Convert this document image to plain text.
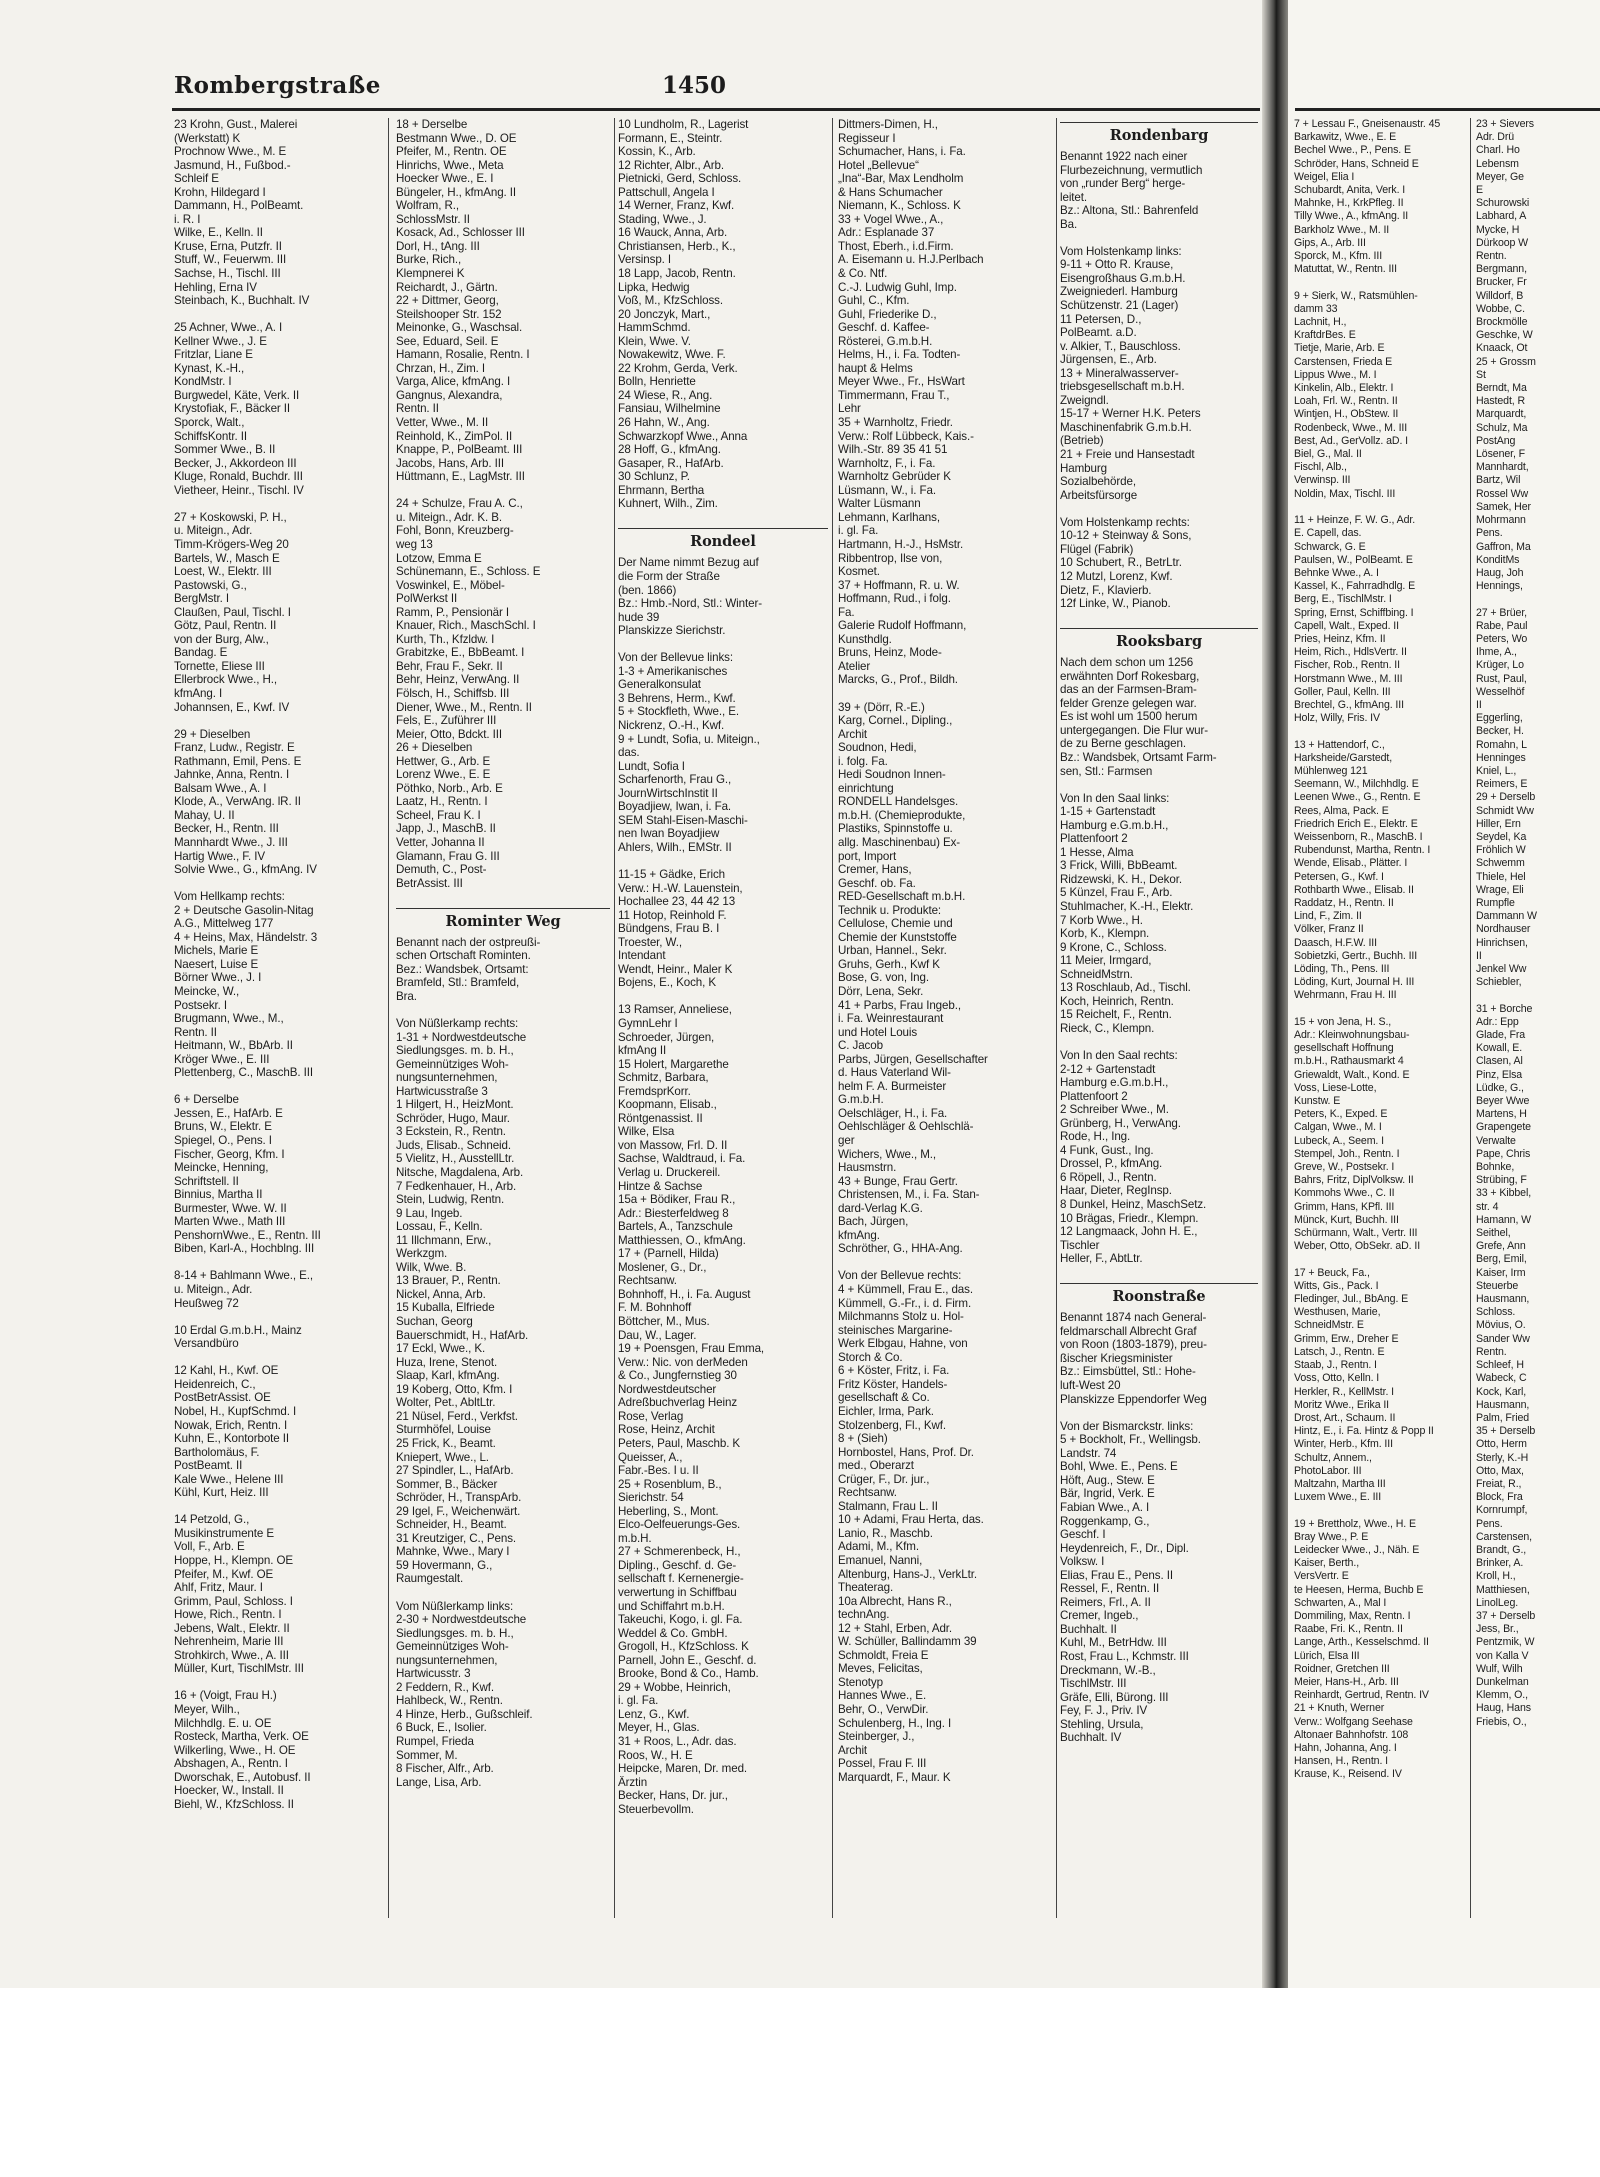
Rombergstraße	1450
23 Krohn, Gust., Malerei
(Werkstatt) K
Prochnow Wwe., M. E
Jasmund, H., Fußbod.-
Schleif E
Krohn, Hildegard I
Dammann, H., PolBeamt.
i. R. I
Wilke, E., Kelln. II
Kruse, Erna, Putzfr. II
Stuff, W., Feuerwm. III
Sachse, H., Tischl. III
Hehling, Erna IV
Steinbach, K., Buchhalt. IV

25 Achner, Wwe., A. I
Kellner Wwe., J. E
Fritzlar, Liane E
Kynast, K.-H.,
KondMstr. I
Burgwedel, Käte, Verk. II
Krystofiak, F., Bäcker II
Sporck, Walt.,
SchiffsKontr. II
Sommer Wwe., B. II
Becker, J., Akkordeon III
Kluge, Ronald, Buchdr. III
Vietheer, Heinr., Tischl. IV

27 + Koskowski, P. H.,
u. Miteign., Adr.
Timm-Krögers-Weg 20
Bartels, W., Masch E
Loest, W., Elektr. III
Pastowski, G.,
BergMstr. I
Claußen, Paul, Tischl. I
Götz, Paul, Rentn. II
von der Burg, Alw.,
Bandag. E
Tornette, Eliese III
Ellerbrock Wwe., H.,
kfmAng. I
Johannsen, E., Kwf. IV

29 + Dieselben
Franz, Ludw., Registr. E
Rathmann, Emil, Pens. E
Jahnke, Anna, Rentn. I
Balsam Wwe., A. I
Klode, A., VerwAng. lR. II
Mahay, U. II
Becker, H., Rentn. III
Mannhardt Wwe., J. III
Hartig Wwe., F. IV
Solvie Wwe., G., kfmAng. IV

Vom Hellkamp rechts:
2 + Deutsche Gasolin-Nitag
A.G., Mittelweg 177
4 + Heins, Max, Händelstr. 3
Michels, Marie E
Naesert, Luise E
Börner Wwe., J. I
Meincke, W.,
Postsekr. I
Brugmann, Wwe., M.,
Rentn. II
Heitmann, W., BbArb. II
Kröger Wwe., E. III
Plettenberg, C., MaschB. III

6 + Derselbe
Jessen, E., HafArb. E
Bruns, W., Elektr. E
Spiegel, O., Pens. I
Fischer, Georg, Kfm. I
Meincke, Henning,
Schriftstell. II
Binnius, Martha II
Burmester, Wwe. W. II
Marten Wwe., Math III
PenshornWwe., E., Rentn. III
Biben, Karl-A., Hochblng. III

8-14 + Bahlmann Wwe., E.,
u. Miteign., Adr.
Heußweg 72

10 Erdal G.m.b.H., Mainz
Versandbüro

12 Kahl, H., Kwf. OE
Heidenreich, C.,
PostBetrAssist. OE
Nobel, H., KupfSchmd. I
Nowak, Erich, Rentn. I
Kuhn, E., Kontorbote II
Bartholomäus, F.
PostBeamt. II
Kale Wwe., Helene III
Kühl, Kurt, Heiz. III

14 Petzold, G.,
Musikinstrumente E
Voll, F., Arb. E
Hoppe, H., Klempn. OE
Pfeifer, M., Kwf. OE
Ahlf, Fritz, Maur. I
Grimm, Paul, Schloss. I
Howe, Rich., Rentn. I
Jebens, Walt., Elektr. II
Nehrenheim, Marie III
Strohkirch, Wwe., A. III
Müller, Kurt, TischlMstr. III

16 + (Voigt, Frau H.)
Meyer, Wilh.,
Milchhdlg. E. u. OE
Rosteck, Martha, Verk. OE
Wilkerling, Wwe., H. OE
Abshagen, A., Rentn. I
Dworschak, E., Autobusf. II
Hoecker, W., Install. II
Biehl, W., KfzSchloss. II
18 + Derselbe
Bestmann Wwe., D. OE
Pfeifer, M., Rentn. OE
Hinrichs, Wwe., Meta
Hoecker Wwe., E. I
Büngeler, H., kfmAng. II
Wolfram, R.,
SchlossMstr. II
Kosack, Ad., Schlosser III
Dorl, H., tAng. III
Burke, Rich.,
Klempnerei K
Reichardt, J., Gärtn.
22 + Dittmer, Georg,
Steilshooper Str. 152
Meinonke, G., Waschsal.
See, Eduard, Seil. E
Hamann, Rosalie, Rentn. I
Chrzan, H., Zim. I
Varga, Alice, kfmAng. I
Gangnus, Alexandra,
Rentn. II
Vetter, Wwe., M. II
Reinhold, K., ZimPol. II
Knappe, P., PolBeamt. III
Jacobs, Hans, Arb. III
Hüttmann, E., LagMstr. III

24 + Schulze, Frau A. C.,
u. Miteign., Adr. K. B.
Fohl, Bonn, Kreuzberg-
weg 13
Lotzow, Emma E
Schünemann, E., Schloss. E
Voswinkel, E., Möbel-
PolWerkst II
Ramm, P., Pensionär I
Knauer, Rich., MaschSchl. I
Kurth, Th., Kfzldw. I
Grabitzke, E., BbBeamt. I
Behr, Frau F., Sekr. II
Behr, Heinz, VerwAng. II
Fölsch, H., Schiffsb. III
Diener, Wwe., M., Rentn. II
Fels, E., Zuführer III
Meier, Otto, Bdckt. III
26 + Dieselben
Hettwer, G., Arb. E
Lorenz Wwe., E. E
Pöthko, Norb., Arb. E
Laatz, H., Rentn. I
Scheel, Frau K. I
Japp, J., MaschB. II
Vetter, Johanna II
Glamann, Frau G. III
Demuth, C., Post-
BetrAssist. III

Rominter Weg
Benannt nach der ostpreußi-
schen Ortschaft Rominten.
Bez.: Wandsbek, Ortsamt:
Bramfeld, Stl.: Bramfeld,
Bra.

Von Nüßlerkamp rechts:
1-31 + Nordwestdeutsche
Siedlungsges. m. b. H.,
Gemeinnütziges Woh-
nungsunternehmen,
Hartwicusstraße 3
1 Hilgert, H., HeizMont.
Schröder, Hugo, Maur.
3 Eckstein, R., Rentn.
Juds, Elisab., Schneid.
5 Vielitz, H., AusstellLtr.
Nitsche, Magdalena, Arb.
7 Fedkenhauer, H., Arb.
Stein, Ludwig, Rentn.
9 Lau, Ingeb.
Lossau, F., Kelln.
11 Illchmann, Erw.,
Werkzgm.
Wilk, Wwe. B.
13 Brauer, P., Rentn.
Nickel, Anna, Arb.
15 Kuballa, Elfriede
Suchan, Georg
Bauerschmidt, H., HafArb.
17 Eckl, Wwe., K.
Huza, Irene, Stenot.
Slaap, Karl, kfmAng.
19 Koberg, Otto, Kfm. I
Wolter, Pet., AbltLtr.
21 Nüsel, Ferd., Verkfst.
Sturmhöfel, Louise
25 Frick, K., Beamt.
Kniepert, Wwe., L.
27 Spindler, L., HafArb.
Sommer, B., Bäcker
Schröder, H., TranspArb.
29 Igel, F., Weichenwärt.
Schneider, H., Beamt.
31 Kreutziger, C., Pens.
Mahnke, Wwe., Mary I
59 Hovermann, G.,
Raumgestalt.

Vom Nüßlerkamp links:
2-30 + Nordwestdeutsche
Siedlungsges. m. b. H.,
Gemeinnütziges Woh-
nungsunternehmen,
Hartwicusstr. 3
2 Feddern, R., Kwf.
Hahlbeck, W., Rentn.
4 Hinze, Herb., Gußschleif.
6 Buck, E., Isolier.
Rumpel, Frieda
Sommer, M.
8 Fischer, Alfr., Arb.
Lange, Lisa, Arb.
10 Lundholm, R., Lagerist
Formann, E., Steintr.
Kossin, K., Arb.
12 Richter, Albr., Arb.
Pietnicki, Gerd, Schloss.
Pattschull, Angela I
14 Werner, Franz, Kwf.
Stading, Wwe., J.
16 Wauck, Anna, Arb.
Christiansen, Herb., K.,
Versinsp. I
18 Lapp, Jacob, Rentn.
Lipka, Hedwig
Voß, M., KfzSchloss.
20 Jonczyk, Mart.,
HammSchmd.
Klein, Wwe. V.
Nowakewitz, Wwe. F.
22 Krohm, Gerda, Verk.
Bolln, Henriette
24 Wiese, R., Ang.
Fansiau, Wilhelmine
26 Hahn, W., Ang.
Schwarzkopf Wwe., Anna
28 Hoff, G., kfmAng.
Gasaper, R., HafArb.
30 Schlunz, P.
Ehrmann, Bertha
Kuhnert, Wilh., Zim.

Rondeel
Der Name nimmt Bezug auf
die Form der Straße
(ben. 1866)
Bz.: Hmb.-Nord, Stl.: Winter-
hude 39
Planskizze Sierichstr.

Von der Bellevue links:
1-3 + Amerikanisches
Generalkonsulat
3 Behrens, Herm., Kwf.
5 + Stockfleth, Wwe., E.
Nickrenz, O.-H., Kwf.
9 + Lundt, Sofia, u. Miteign.,
das.
Lundt, Sofia I
Scharfenorth, Frau G.,
JournWirtschInstit II
Boyadjiew, Iwan, i. Fa.
SEM Stahl-Eisen-Maschi-
nen Iwan Boyadjiew
Ahlers, Wilh., EMStr. II

11-15 + Gädke, Erich
Verw.: H.-W. Lauenstein,
Hochallee 23, 44 42 13
11 Hotop, Reinhold F.
Bündgens, Frau B. I
Troester, W.,
Intendant
Wendt, Heinr., Maler K
Bojens, E., Koch, K

13 Ramser, Anneliese,
GymnLehr I
Schroeder, Jürgen,
kfmAng II
15 Holert, Margarethe
Schmitz, Barbara,
FremdsprKorr.
Koopmann, Elisab.,
Röntgenassist. II
Wilke, Elsa
von Massow, Frl. D. II
Sachse, Waldtraud, i. Fa.
Verlag u. Druckereil.
Hintze & Sachse
15a + Bödiker, Frau R.,
Adr.: Biesterfeldweg 8
Bartels, A., Tanzschule
Matthiessen, O., kfmAng.
17 + (Parnell, Hilda)
Moslener, G., Dr.,
Rechtsanw.
Bohnhoff, H., i. Fa. August
F. M. Bohnhoff
Böttcher, M., Mus.
Dau, W., Lager.
19 + Poensgen, Frau Emma,
Verw.: Nic. von derMeden
& Co., Jungfernstieg 30
Nordwestdeutscher
Adreßbuchverlag Heinz
Rose, Verlag
Rose, Heinz, Archit
Peters, Paul, Maschb. K
Queisser, A.,
Fabr.-Bes. I u. II
25 + Rosenblum, B.,
Sierichstr. 54
Heberling, S., Mont.
Elco-Oelfeuerungs-Ges.
m.b.H.
27 + Schmerenbeck, H.,
Dipling., Geschf. d. Ge-
sellschaft f. Kernenergie-
verwertung in Schiffbau
und Schiffahrt m.b.H.
Takeuchi, Kogo, i. gl. Fa.
Weddel & Co. GmbH.
Grogoll, H., KfzSchloss. K
Parnell, John E., Geschf. d.
Brooke, Bond & Co., Hamb.
29 + Wobbe, Heinrich,
i. gl. Fa.
Lenz, G., Kwf.
Meyer, H., Glas.
31 + Roos, L., Adr. das.
Roos, W., H. E
Heipcke, Maren, Dr. med.
Ärztin
Becker, Hans, Dr. jur.,
Steuerbevollm.
Dittmers-Dimen, H.,
Regisseur I
Schumacher, Hans, i. Fa.
Hotel „Bellevue“
„Ina“-Bar, Max Lendholm
& Hans Schumacher
Niemann, K., Schloss. K
33 + Vogel Wwe., A.,
Adr.: Esplanade 37
Thost, Eberh., i.d.Firm.
A. Eisemann u. H.J.Perlbach
& Co. Ntf.
C.-J. Ludwig Guhl, Imp.
Guhl, C., Kfm.
Guhl, Friederike D.,
Geschf. d. Kaffee-
Rösterei, G.m.b.H.
Helms, H., i. Fa. Todten-
haupt & Helms
Meyer Wwe., Fr., HsWart
Timmermann, Frau T.,
Lehr
35 + Warnholtz, Friedr.
Verw.: Rolf Lübbeck, Kais.-
Wilh.-Str. 89 35 41 51
Warnholtz, F., i. Fa.
Warnholtz Gebrüder K
Lüsmann, W., i. Fa.
Walter Lüsmann
Lehmann, Karlhans,
i. gl. Fa.
Hartmann, H.-J., HsMstr.
Ribbentrop, Ilse von,
Kosmet.
37 + Hoffmann, R. u. W.
Hoffmann, Rud., i folg.
Fa.
Galerie Rudolf Hoffmann,
Kunsthdlg.
Bruns, Heinz, Mode-
Atelier
Marcks, G., Prof., Bildh.

39 + (Dörr, R.-E.)
Karg, Cornel., Dipling.,
Archit
Soudnon, Hedi,
i. folg. Fa.
Hedi Soudnon Innen-
einrichtung
RONDELL Handelsges.
m.b.H. (Chemieprodukte,
Plastiks, Spinnstoffe u.
allg. Maschinenbau) Ex-
port, Import
Cremer, Hans,
Geschf. ob. Fa.
RED-Gesellschaft m.b.H.
Technik u. Produkte:
Cellulose, Chemie und
Chemie der Kunststoffe
Urban, Hannel., Sekr.
Gruhs, Gerh., Kwf K
Bose, G. von, Ing.
Dörr, Lena, Sekr.
41 + Parbs, Frau Ingeb.,
i. Fa. Weinrestaurant
und Hotel Louis
C. Jacob
Parbs, Jürgen, Gesellschafter
d. Haus Vaterland Wil-
helm F. A. Burmeister
G.m.b.H.
Oelschläger, H., i. Fa.
Oehlschläger & Oehlschlä-
ger
Wichers, Wwe., M.,
Hausmstrn.
43 + Bunge, Frau Gertr.
Christensen, M., i. Fa. Stan-
dard-Verlag K.G.
Bach, Jürgen,
kfmAng.
Schröther, G., HHA-Ang.

Von der Bellevue rechts:
4 + Kümmell, Frau E., das.
Kümmell, G.-Fr., i. d. Firm.
Milchmanns Stolz u. Hol-
steinisches Margarine-
Werk Elbgau, Hahne, von
Storch & Co.
6 + Köster, Fritz, i. Fa.
Fritz Köster, Handels-
gesellschaft & Co.
Eichler, Irma, Park.
Stolzenberg, Fl., Kwf.
8 + (Sieh)
Hornbostel, Hans, Prof. Dr.
med., Oberarzt
Crüger, F., Dr. jur.,
Rechtsanw.
Stalmann, Frau L. II
10 + Adami, Frau Herta, das.
Lanio, R., Maschb.
Adami, M., Kfm.
Emanuel, Nanni,
Altenburg, Hans-J., VerkLtr.
Theaterag.
10a Albrecht, Hans R.,
technAng.
12 + Stahl, Erben, Adr.
W. Schüller, Ballindamm 39
Schmoldt, Freia E
Meves, Felicitas,
Stenotyp
Hannes Wwe., E.
Behr, O., VerwDir.
Schulenberg, H., Ing. I
Steinberger, J.,
Archit
Possel, Frau F. III
Marquardt, F., Maur. K
Rondenbarg
Benannt 1922 nach einer
Flurbezeichnung, vermutlich
von „runder Berg“ herge-
leitet.
Bz.: Altona, Stl.: Bahrenfeld
Ba.

Vom Holstenkamp links:
9-11 + Otto R. Krause,
Eisengroßhaus G.m.b.H.
Zweigniederl. Hamburg
Schützenstr. 21 (Lager)
11 Petersen, D.,
PolBeamt. a.D.
v. Alkier, T., Bauschloss.
Jürgensen, E., Arb.
13 + Mineralwasserver-
triebsgesellschaft m.b.H.
Zweigndl.
15-17 + Werner H.K. Peters
Maschinenfabrik G.m.b.H.
(Betrieb)
21 + Freie und Hansestadt
Hamburg
Sozialbehörde,
Arbeitsfürsorge

Vom Holstenkamp rechts:
10-12 + Steinway & Sons,
Flügel (Fabrik)
10 Schubert, R., BetrLtr.
12 Mutzl, Lorenz, Kwf.
Dietz, F., Klavierb.
12f Linke, W., Pianob.

Rooksbarg
Nach dem schon um 1256
erwähnten Dorf Rokesbarg,
das an der Farmsen-Bram-
felder Grenze gelegen war.
Es ist wohl um 1500 herum
untergegangen. Die Flur wur-
de zu Berne geschlagen.
Bz.: Wandsbek, Ortsamt Farm-
sen, Stl.: Farmsen

Von In den Saal links:
1-15 + Gartenstadt
Hamburg e.G.m.b.H.,
Plattenfoort 2
1 Hesse, Alma
3 Frick, Willi, BbBeamt.
Ridzewski, K. H., Dekor.
5 Künzel, Frau F., Arb.
Stuhlmacher, K.-H., Elektr.
7 Korb Wwe., H.
Korb, K., Klempn.
9 Krone, C., Schloss.
11 Meier, Irmgard,
SchneidMstrn.
13 Roschlaub, Ad., Tischl.
Koch, Heinrich, Rentn.
15 Reichelt, F., Rentn.
Rieck, C., Klempn.

Von In den Saal rechts:
2-12 + Gartenstadt
Hamburg e.G.m.b.H.,
Plattenfoort 2
2 Schreiber Wwe., M.
Grünberg, H., VerwAng.
Rode, H., Ing.
4 Funk, Gust., Ing.
Drossel, P., kfmAng.
6 Röpell, J., Rentn.
Haar, Dieter, RegInsp.
8 Dunkel, Heinz, MaschSetz.
10 Brägas, Friedr., Klempn.
12 Langmaack, John H. E.,
Tischler
Heller, F., AbtLtr.

Roonstraße
Benannt 1874 nach General-
feldmarschall Albrecht Graf
von Roon (1803-1879), preu-
ßischer Kriegsminister
Bz.: Eimsbüttel, Stl.: Hohe-
luft-West 20
Planskizze Eppendorfer Weg

Von der Bismarckstr. links:
5 + Bockholt, Fr., Wellingsb.
Landstr. 74
Bohl, Wwe. E., Pens. E
Höft, Aug., Stew. E
Bär, Ingrid, Verk. E
Fabian Wwe., A. I
Roggenkamp, G.,
Geschf. I
Heydenreich, F., Dr., Dipl.
Volksw. I
Elias, Frau E., Pens. II
Ressel, F., Rentn. II
Reimers, Frl., A. II
Cremer, Ingeb.,
Buchhalt. II
Kuhl, M., BetrHdw. III
Rost, Frau L., Kchmstr. III
Dreckmann, W.-B.,
TischlMstr. III
Gräfe, Elli, Bürong. III
Fey, F. J., Priv. IV
Stehling, Ursula,
Buchhalt. IV
7 + Lessau F., Gneisenaustr. 45
Barkawitz, Wwe., E. E
Bechel Wwe., P., Pens. E
Schröder, Hans, Schneid E
Weigel, Elia I
Schubardt, Anita, Verk. I
Mahnke, H., KrkPfleg. II
Tilly Wwe., A., kfmAng. II
Barkholz Wwe., M. II
Gips, A., Arb. III
Sporck, M., Kfm. III
Matuttat, W., Rentn. III

9 + Sierk, W., Ratsmühlen-
damm 33
Lachnit, H.,
KraftdrBes. E
Tietje, Marie, Arb. E
Carstensen, Frieda E
Lippus Wwe., M. I
Kinkelin, Alb., Elektr. I
Loah, Frl. W., Rentn. II
Wintjen, H., ObStew. II
Rodenbeck, Wwe., M. III
Best, Ad., GerVollz. aD. I
Biel, G., Mal. II
Fischl, Alb.,
Verwinsp. III
Noldin, Max, Tischl. III

11 + Heinze, F. W. G., Adr.
E. Capell, das.
Schwarck, G. E
Paulsen, W., PolBeamt. E
Behnke Wwe., A. I
Kassel, K., Fahrradhdlg. E
Berg, E., TischlMstr. I
Spring, Ernst, Schiffbing. I
Capell, Walt., Exped. II
Pries, Heinz, Kfm. II
Heim, Rich., HdlsVertr. II
Fischer, Rob., Rentn. II
Horstmann Wwe., M. III
Goller, Paul, Kelln. III
Brechtel, G., kfmAng. III
Holz, Willy, Fris. IV

13 + Hattendorf, C.,
Harksheide/Garstedt,
Mühlenweg 121
Seemann, W., Milchhdlg. E
Leenen Wwe., G., Rentn. E
Rees, Alma, Pack. E
Friedrich Erich E., Elektr. E
Weissenborn, R., MaschB. I
Rubendunst, Martha, Rentn. I
Wende, Elisab., Plätter. I
Petersen, G., Kwf. I
Rothbarth Wwe., Elisab. II
Raddatz, H., Rentn. II
Lind, F., Zim. II
Völker, Franz II
Daasch, H.F.W. III
Sobietzki, Gertr., Buchh. III
Löding, Th., Pens. III
Löding, Kurt, Journal H. III
Wehrmann, Frau H. III

15 + von Jena, H. S.,
Adr.: Kleinwohnungsbau-
gesellschaft Hoffnung
m.b.H., Rathausmarkt 4
Griewaldt, Walt., Kond. E
Voss, Liese-Lotte,
Kunstw. E
Peters, K., Exped. E
Calgan, Wwe., M. I
Lubeck, A., Seem. I
Stempel, Joh., Rentn. I
Greve, W., Postsekr. I
Bahrs, Fritz, DiplVolksw. II
Kommohs Wwe., C. II
Grimm, Hans, KPfl. III
Münck, Kurt, Buchh. III
Schürmann, Walt., Vertr. III
Weber, Otto, ObSekr. aD. II

17 + Beuck, Fa.,
Witts, Gis., Pack. I
Fledinger, Jul., BbAng. E
Westhusen, Marie,
SchneidMstr. E
Grimm, Erw., Dreher E
Latsch, J., Rentn. E
Staab, J., Rentn. I
Voss, Otto, Kelln. I
Herkler, R., KellMstr. I
Moritz Wwe., Erika II
Drost, Art., Schaum. II
Hintz, E., i. Fa. Hintz & Popp II
Winter, Herb., Kfm. III
Schultz, Annem.,
PhotoLabor. III
Maltzahn, Martha III
Luxem Wwe., E. III

19 + Brettholz, Wwe., H. E
Bray Wwe., P. E
Leidecker Wwe., J., Näh. E
Kaiser, Berth.,
VersVertr. E
te Heesen, Herma, Buchb E
Schwarten, A., Mal I
Dommiling, Max, Rentn. I
Raabe, Fri. K., Rentn. II
Lange, Arth., Kesselschmd. II
Lürich, Elsa III
Roidner, Gretchen III
Meier, Hans-H., Arb. III
Reinhardt, Gertrud, Rentn. IV
21 + Knuth, Werner
Verw.: Wolfgang Seehase
Altonaer Bahnhofstr. 108
Hahn, Johanna, Ang. I
Hansen, H., Rentn. I
Krause, K., Reisend. IV
23 + Sievers
Adr. Drü
Charl. Ho
Lebensm
Meyer, Ge
E
Schurowski
Labhard, A
Mycke, H
Dürkoop W
Rentn.
Bergmann,
Brucker, Fr
Willdorf, B
Wobbe, C.
Brockmölle
Geschke, W
Knaack, Ot
25 + Grossm
St
Berndt, Ma
Hastedt, R
Marquardt,
Schulz, Ma
PostAng
Lösener, F
Mannhardt,
Bartz, Wil
Rossel Ww
Samek, Her
Mohrmann
Pens.
Gaffron, Ma
KonditMs
Haug, Joh
Hennings,

27 + Brüer,
Rabe, Paul
Peters, Wo
Ihme, A.,
Krüger, Lo
Rust, Paul,
Wesselhöf
II
Eggerling,
Becker, H.
Romahn, L
Henninges
Kniel, L.,
Reimers, E
29 + Derselb
Schmidt Ww
Hiller, Ern
Seydel, Ka
Fröhlich W
Schwemm
Thiele, Hel
Wrage, Eli
Rumpfle
Dammann W
Nordhauser
Hinrichsen,
II
Jenkel Ww
Schiebler,

31 + Borche
Adr.: Epp
Glade, Fra
Kowall, E.
Clasen, Al
Pinz, Elsa
Lüdke, G.,
Beyer Wwe
Martens, H
Grapengete
Verwalte
Pape, Chris
Bohnke,
Strübing, F
33 + Kibbel,
str. 4
Hamann, W
Seithel,
Grefe, Ann
Berg, Emil,
Kaiser, Irm
Steuerbe
Hausmann,
Schloss.
Mövius, O.
Sander Ww
Rentn.
Schleef, H
Wabeck, C
Kock, Karl,
Hausmann,
Palm, Fried
35 + Derselb
Otto, Herm
Sterly, K.-H
Otto, Max,
Freiat, R.,
Block, Fra
Kornrumpf,
Pens.
Carstensen,
Brandt, G.,
Brinker, A.
Kroll, H.,
Matthiesen,
LinolLeg.
37 + Derselb
Jess, Br.,
Pentzmik, W
von Kalla V
Wulf, Wilh
Dunkelman
Klemm, O.,
Haug, Hans
Friebis, O.,
